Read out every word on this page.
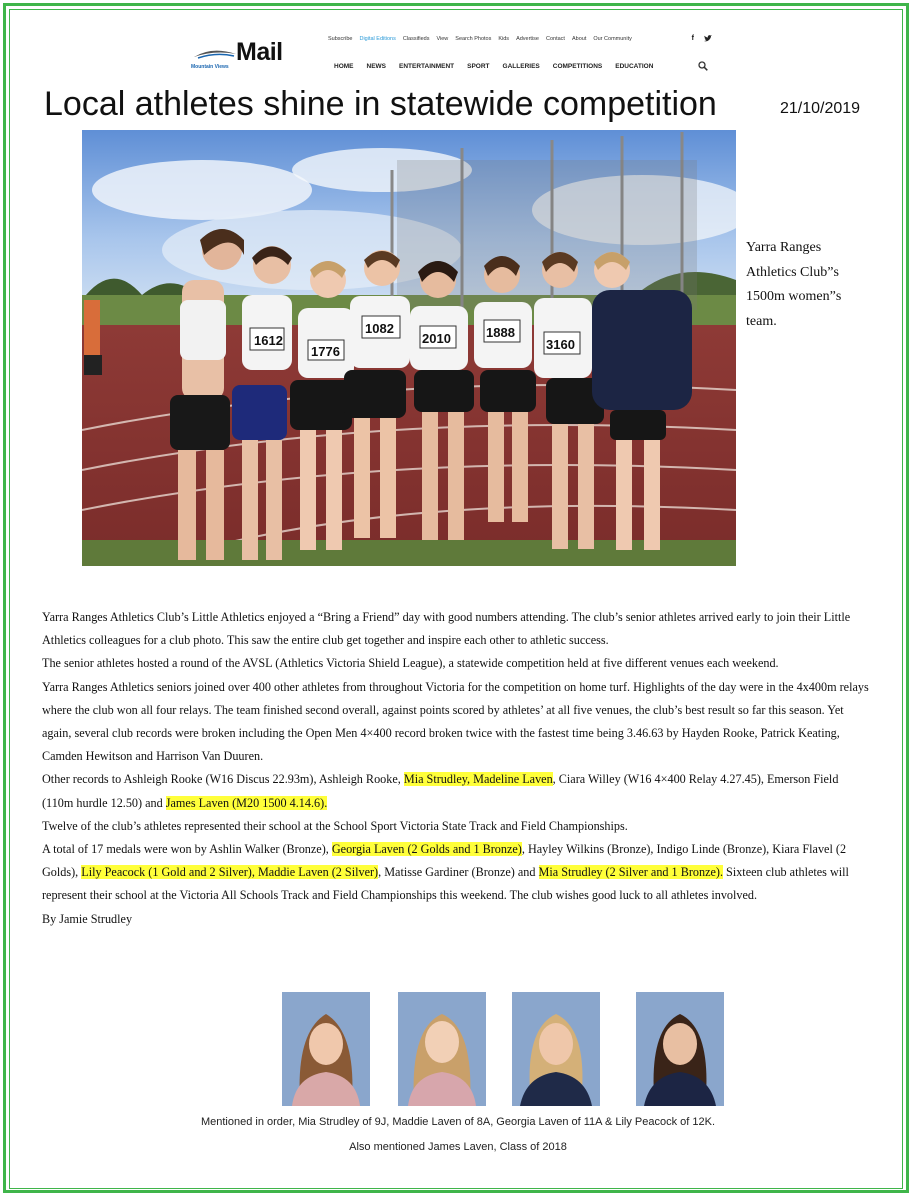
Mail
Mountain Views
Subscribe Digital Editions Classifieds View Search Photos Kids Advertise Contact About Our Community	f
HOME NEWS ENTERTAINMENT SPORT GALLERIES COMPETITIONS EDUCATION
Local athletes shine in statewide competition	21/10/2019
1612
1776
1082
2010	1888
3160
Yarra Ranges Athletics Club”s 1500m women”s team.

Yarra Ranges Athletics Club’s Little Athletics enjoyed a “Bring a Friend” day with good numbers attending. The club’s senior athletes arrived early to join their Little Athletics colleagues for a club photo. This saw the entire club get together and inspire each other to athletic success.

The senior athletes hosted a round of the AVSL (Athletics Victoria Shield League), a statewide competition held at five different venues each weekend.

Yarra Ranges Athletics seniors joined over 400 other athletes from throughout Victoria for the competition on home turf. Highlights of the day were in the 4x400m relays where the club won all four relays. The team finished second overall, against points scored by athletes’ at all five venues, the club’s best result so far this season. Yet again, several club records were broken including the Open Men 4×400 record broken twice with the fastest time being 3.46.63 by Hayden Rooke, Patrick Keating, Camden Hewitson and Harrison Van Duuren.

Other records to Ashleigh Rooke (W16 Discus 22.93m), Ashleigh Rooke, Mia Strudley, Madeline Laven, Ciara Willey (W16 4×400 Relay 4.27.45), Emerson Field (110m hurdle 12.50) and James Laven (M20 1500 4.14.6).

Twelve of the club’s athletes represented their school at the School Sport Victoria State Track and Field Championships.

A total of 17 medals were won by Ashlin Walker (Bronze), Georgia Laven (2 Golds and 1 Bronze), Hayley Wilkins (Bronze), Indigo Linde (Bronze), Kiara Flavel (2 Golds), Lily Peacock (1 Gold and 2 Silver), Maddie Laven (2 Silver), Matisse Gardiner (Bronze) and Mia Strudley (2 Silver and 1 Bronze). Sixteen club athletes will represent their school at the Victoria All Schools Track and Field Championships this weekend. The club wishes good luck to all athletes involved.

By Jamie Strudley

Mentioned in order, Mia Strudley of 9J, Maddie Laven of 8A, Georgia Laven of 11A & Lily Peacock of 12K.
Also mentioned James Laven, Class of 2018
